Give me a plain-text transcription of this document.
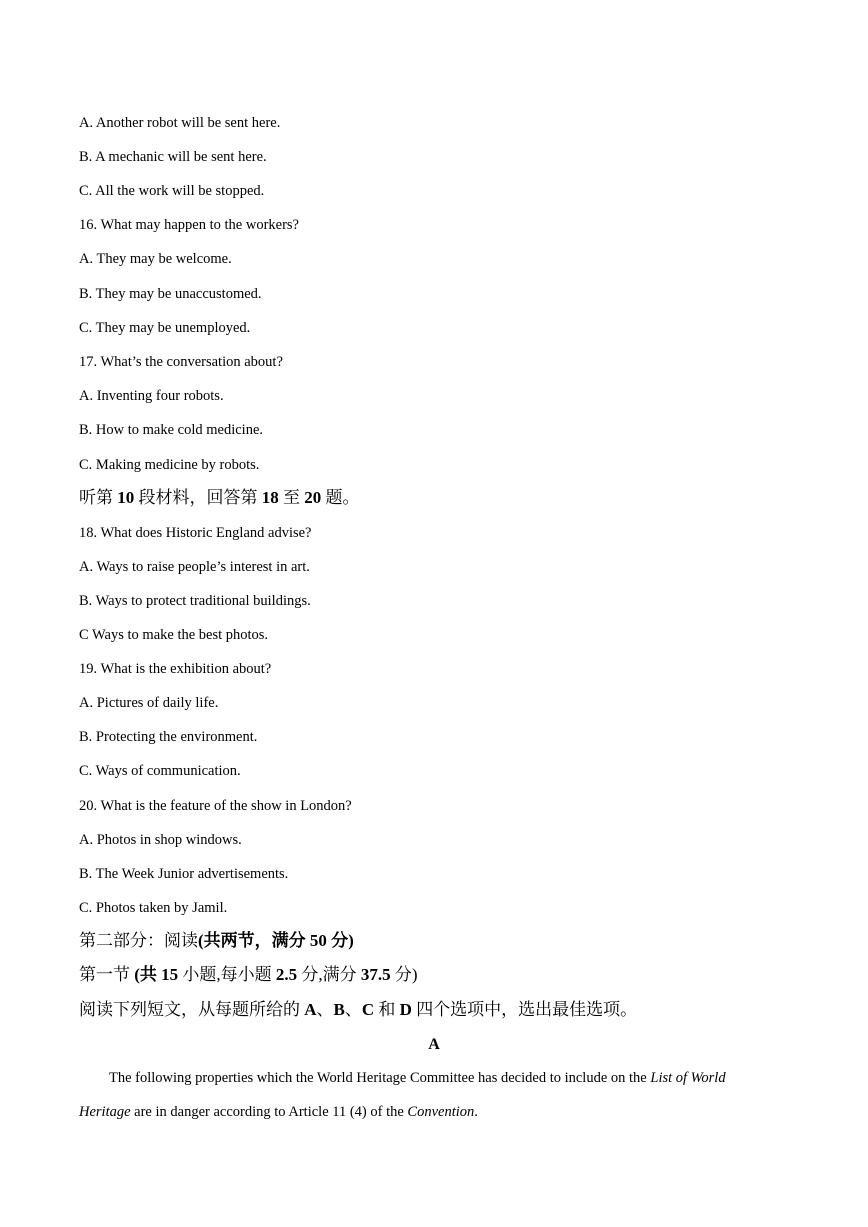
A. Another robot will be sent here.
B. A mechanic will be sent here.
C. All the work will be stopped.
16. What may happen to the workers?
A. They may be welcome.
B. They may be unaccustomed.
C. They may be unemployed.
17. What’s the conversation about?
A. Inventing four robots.
B. How to make cold medicine.
C. Making medicine by robots.
听第 10 段材料，回答第 18 至 20 题。
18. What does Historic England advise?
A. Ways to raise people’s interest in art.
B. Ways to protect traditional buildings.
C Ways to make the best photos.
19. What is the exhibition about?
A. Pictures of daily life.
B. Protecting the environment.
C. Ways of communication.
20. What is the feature of the show in London?
A. Photos in shop windows.
B. The Week Junior advertisements.
C. Photos taken by Jamil.
第二部分：阅读(共两节，满分 50 分)
第一节 (共 15 小题,每小题 2.5 分,满分 37.5 分)
阅读下列短文，从每题所给的 A、B、C 和 D 四个选项中，选出最佳选项。
A
The following properties which the World Heritage Committee has decided to include on the List of World Heritage are in danger according to Article 11 (4) of the Convention.
